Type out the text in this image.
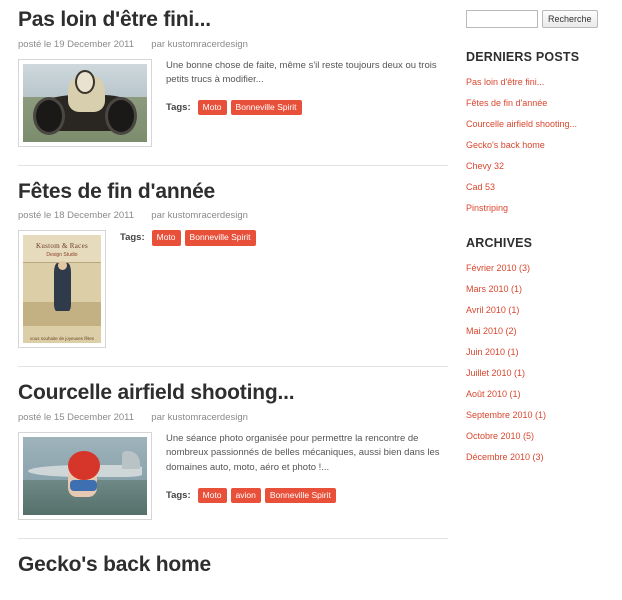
Pas loin d'être fini...
posté le 19 December 2011 par kustomracerdesign

Une bonne chose de faite, même s'il reste toujours deux ou trois petits trucs à modifier...

Tags:	Moto	Bonneville Spirit
Fêtes de fin d'année
posté le 18 December 2011 par kustomracerdesign
Kustom & Races
Design Studio
vous souhaite de joyeuses fêtes
Tags:	Moto	Bonneville Spirit
Courcelle airfield shooting...
posté le 15 December 2011 par kustomracerdesign

Une séance photo organisée pour permettre la rencontre de nombreux passionnés de belles mécaniques, aussi bien dans les domaines auto, moto, aéro et photo !...

Tags:	Moto	avion	Bonneville Spirit
Gecko's back home
Recherche
DERNIERS POSTS
Pas loin d'être fini...
Fêtes de fin d'année
Courcelle airfield shooting...
Gecko's back home
Chevy 32
Cad 53
Pinstriping
ARCHIVES
Février 2010 (3)
Mars 2010 (1)
Avril 2010 (1)
Mai 2010 (2)
Juin 2010 (1)
Juillet 2010 (1)
Août 2010 (1)
Septembre 2010 (1)
Octobre 2010 (5)
Décembre 2010 (3)
